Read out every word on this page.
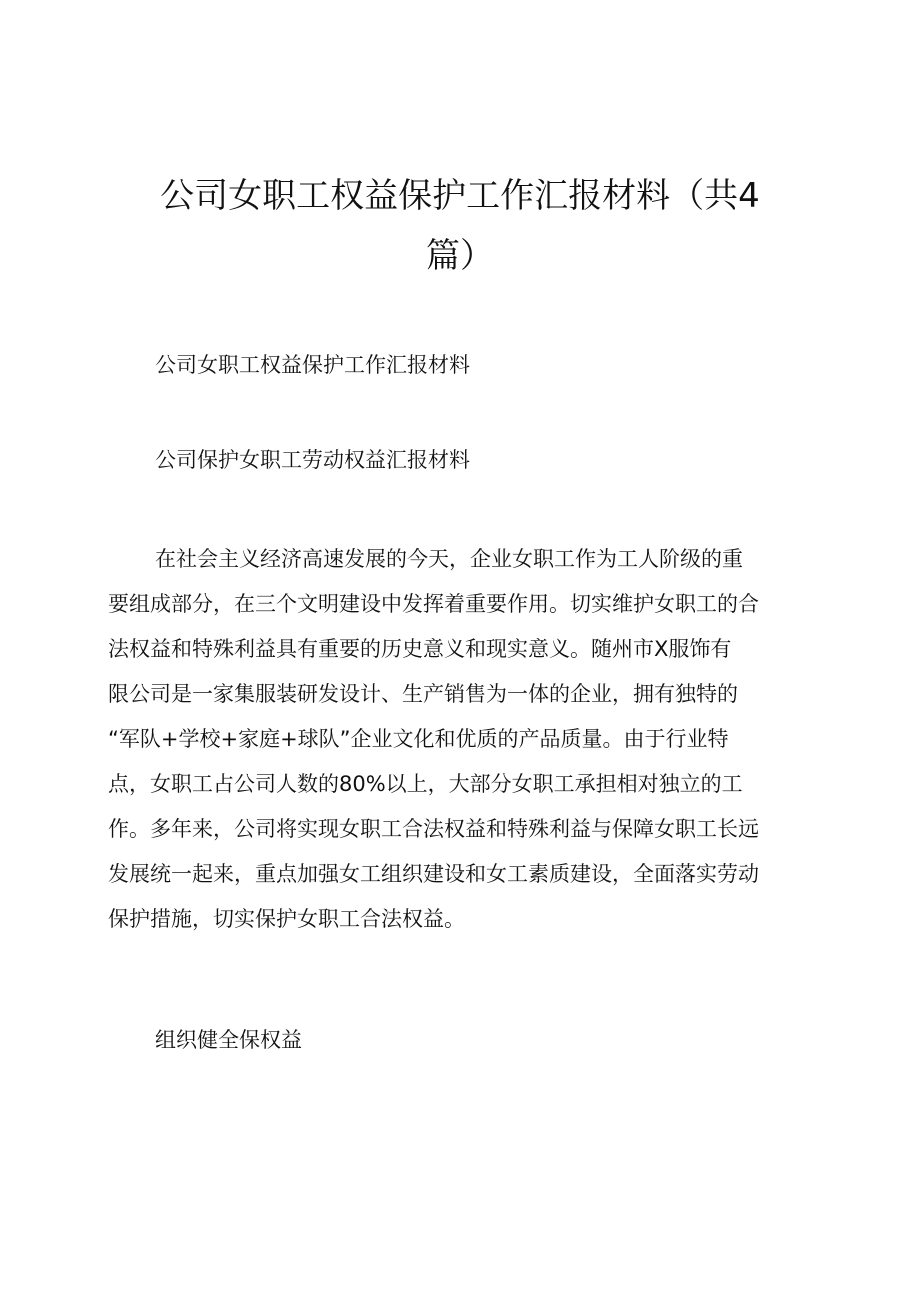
公司女职工权益保护工作汇报材料（共4
篇）

公司女职工权益保护工作汇报材料

公司保护女职工劳动权益汇报材料

在社会主义经济高速发展的今天，企业女职工作为工人阶级的重
要组成部分，在三个文明建设中发挥着重要作用。切实维护女职工的合
法权益和特殊利益具有重要的历史意义和现实意义。随州市X服饰有
限公司是一家集服装研发设计、生产销售为一体的企业，拥有独特的
“军队+学校+家庭+球队”企业文化和优质的产品质量。由于行业特
点，女职工占公司人数的80%以上，大部分女职工承担相对独立的工
作。多年来，公司将实现女职工合法权益和特殊利益与保障女职工长远
发展统一起来，重点加强女工组织建设和女工素质建设，全面落实劳动
保护措施，切实保护女职工合法权益。

组织健全保权益
